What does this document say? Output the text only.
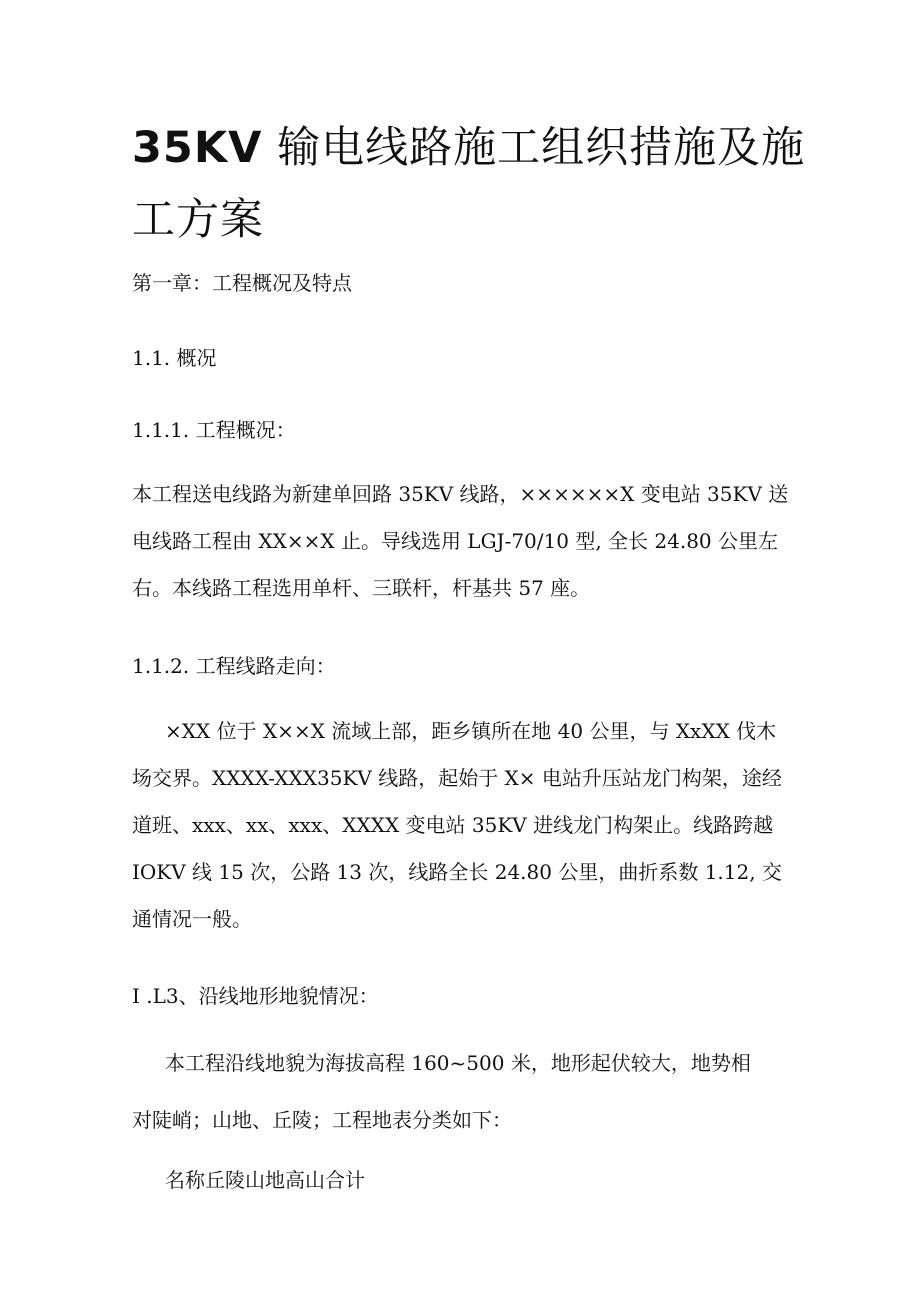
35KV 输电线路施工组织措施及施工方案

第一章：工程概况及特点

1.1. 概况

1.1.1. 工程概况：

本工程送电线路为新建单回路 35KV 线路，××××××X 变电站 35KV 送电线路工程由 XX××X 止。导线选用 LGJ-70/10 型, 全长 24.80 公里左右。本线路工程选用单杆、三联杆，杆基共 57 座。

1.1.2. 工程线路走向：

×XX 位于 X××X 流域上部，距乡镇所在地 40 公里，与 XxXX 伐木场交界。XXXX-XXX35KV 线路，起始于 X× 电站升压站龙门构架，途经道班、xxx、xx、xxx、XXXX 变电站 35KV 进线龙门构架止。线路跨越 IOKV 线 15 次，公路 13 次，线路全长 24.80 公里，曲折系数 1.12, 交通情况一般。

I .L3、沿线地形地貌情况：

本工程沿线地貌为海拔高程 160~500 米，地形起伏较大，地势相

对陡峭；山地、丘陵；工程地表分类如下：

名称丘陵山地高山合计
